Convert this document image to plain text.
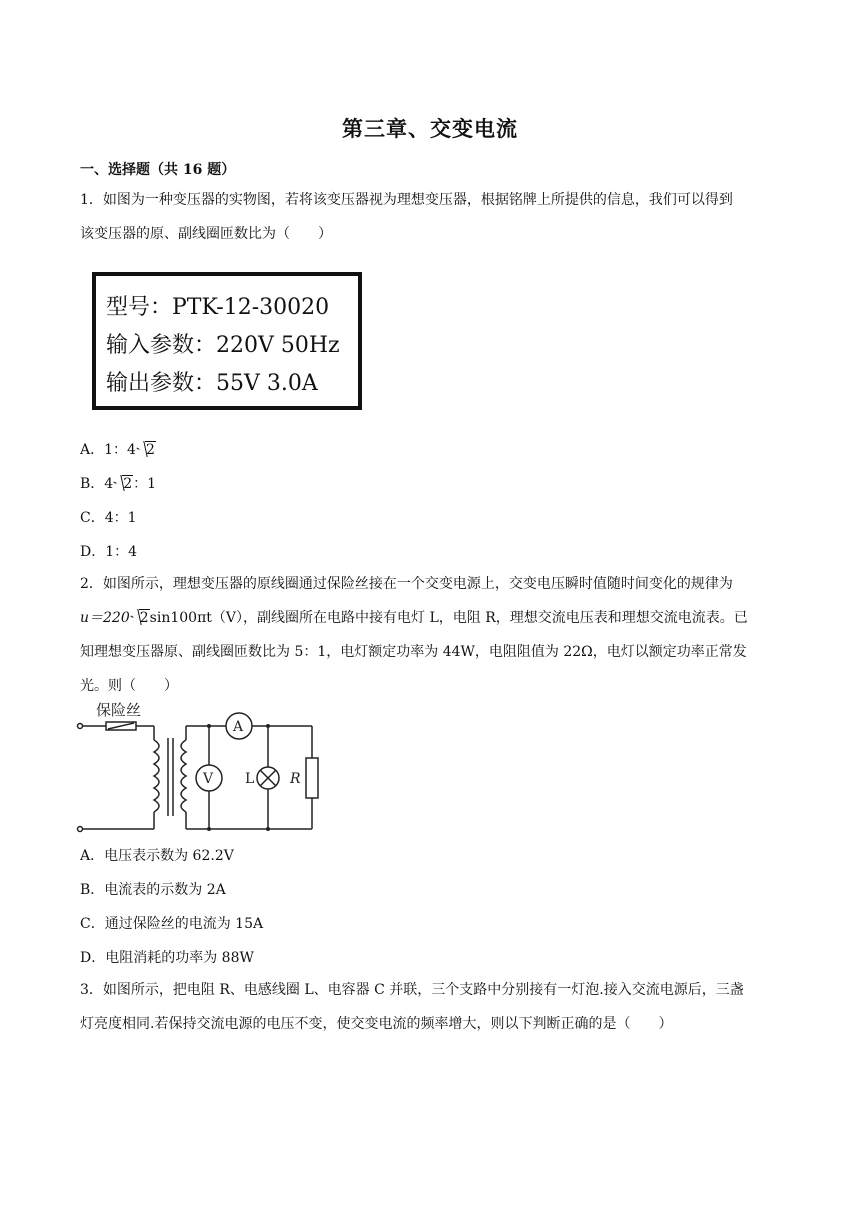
第三章、交变电流
一、选择题（共 16 题）
1．如图为一种变压器的实物图，若将该变压器视为理想变压器，根据铭牌上所提供的信息，我们可以得到
该变压器的原、副线圈匝数比为（　　）
型号：PTK-12-30020
输入参数：220V 50Hz
输出参数：55V 3.0A
A．1：4 2
B．4 2：1
C．4：1
D．1：4
2．如图所示，理想变压器的原线圈通过保险丝接在一个交变电源上，交变电压瞬时值随时间变化的规律为
u＝220 2sin100πt（V），副线圈所在电路中接有电灯 L，电阻 R，理想交流电压表和理想交流电流表。已
知理想变压器原、副线圈匝数比为 5：1，电灯额定功率为 44W，电阻阻值为 22Ω，电灯以额定功率正常发
光。则（　　）
保险丝
A
V L	R
A．电压表示数为 62.2V
B．电流表的示数为 2A
C．通过保险丝的电流为 15A
D．电阻消耗的功率为 88W
3．如图所示，把电阻 R、电感线圈 L、电容器 C 并联，三个支路中分别接有一灯泡.接入交流电源后，三盏
灯亮度相同.若保持交流电源的电压不变，使交变电流的频率增大，则以下判断正确的是（　　）
